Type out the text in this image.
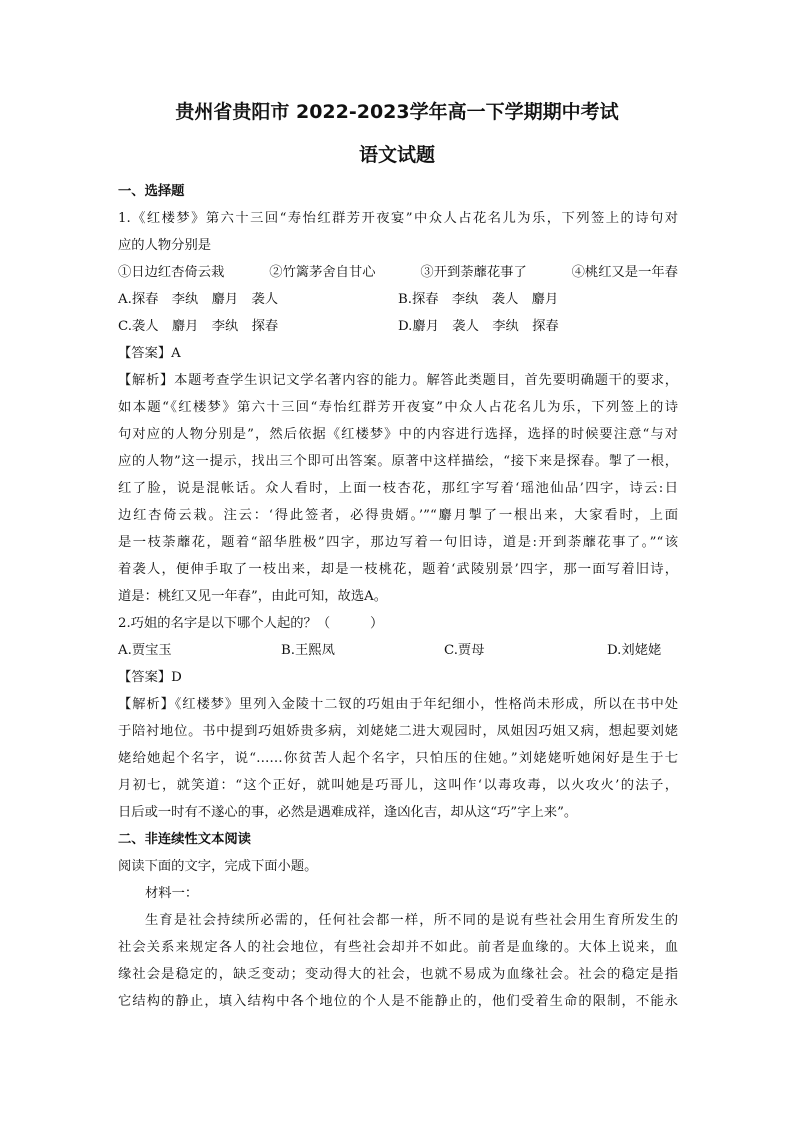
贵州省贵阳市 2022-2023学年高一下学期期中考试
语文试题
一、选择题
1.《红楼梦》第六十三回“寿怡红群芳开夜宴”中众人占花名儿为乐，下列签上的诗句对
应的人物分别是
①日边红杏倚云栽	②竹篱茅舍自甘心	③开到荼蘼花事了	④桃红又是一年春
A.探春　李纨　麝月　袭人	B.探春　李纨　袭人　麝月
C.袭人　麝月　李纨　探春	D.麝月　袭人　李纨　探春
【答案】A
【解析】本题考查学生识记文学名著内容的能力。解答此类题目，首先要明确题干的要求，
如本题“《红楼梦》第六十三回“寿怡红群芳开夜宴”中众人占花名儿为乐，下列签上的诗
句对应的人物分别是”，然后依据《红楼梦》中的内容进行选择，选择的时候要注意“与对
应的人物”这一提示，找出三个即可出答案。原著中这样描绘，“接下来是探春。掣了一根，
红了脸，说是混帐话。众人看时，上面一枝杏花，那红字写着‘瑶池仙品’四字，诗云:日
边红杏倚云栽。注云：‘得此签者，必得贵婿。’”“麝月掣了一根出来，大家看时，上面
是一枝荼蘼花，题着“韶华胜极”四字，那边写着一句旧诗，道是:开到荼蘼花事了。”“该
着袭人，便伸手取了一枝出来，却是一枝桃花，题着‘武陵别景’四字，那一面写着旧诗，
道是：桃红又见一年春”，由此可知，故选A。
2.巧姐的名字是以下哪个人起的？（　　　）
A.贾宝玉	B.王熙凤	C.贾母	D.刘姥姥
【答案】D
【解析】《红楼梦》里列入金陵十二钗的巧姐由于年纪细小，性格尚未形成，所以在书中处
于陪衬地位。书中提到巧姐娇贵多病，刘姥姥二进大观园时，凤姐因巧姐又病，想起要刘姥
姥给她起个名字，说“……你贫苦人起个名字，只怕压的住她。”刘姥姥听她闲好是生于七
月初七，就笑道：“这个正好，就叫她是巧哥儿，这叫作‘以毒攻毒，以火攻火’的法子，
日后或一时有不遂心的事，必然是遇难成祥，逢凶化吉，却从这“巧”字上来”。
二、非连续性文本阅读
阅读下面的文字，完成下面小题。
材料一：
生育是社会持续所必需的，任何社会都一样，所不同的是说有些社会用生育所发生的
社会关系来规定各人的社会地位，有些社会却并不如此。前者是血缘的。大体上说来，血
缘社会是稳定的，缺乏变动；变动得大的社会，也就不易成为血缘社会。社会的稳定是指
它结构的静止，填入结构中各个地位的个人是不能静止的，他们受着生命的限制，不能永
